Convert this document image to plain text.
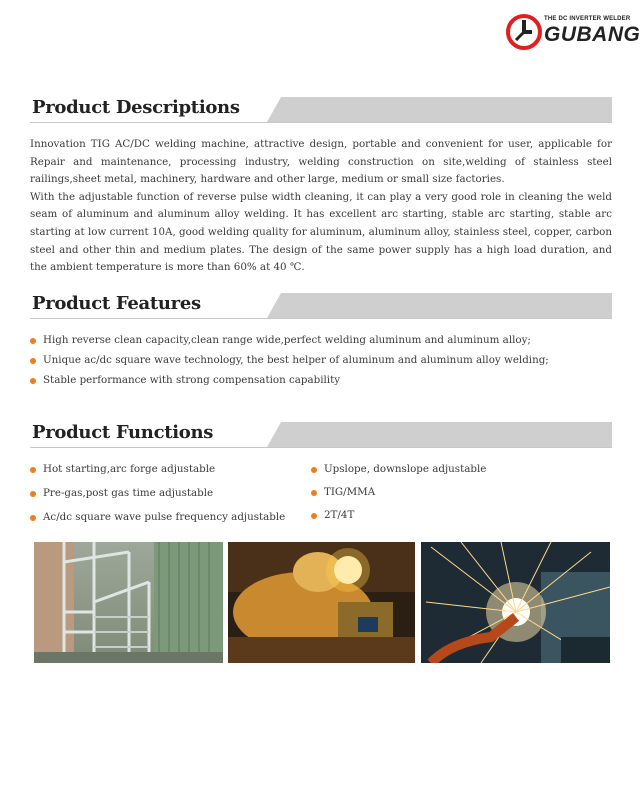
THE DC INVERTER WELDER
GUBANG
Product Descriptions

Innovation TIG AC/DC welding machine, attractive design, portable and convenient for user, applicable for Repair and maintenance, processing industry, welding construction on site,welding of stainless steel railings,sheet metal, machinery, hardware and other large, medium or small size factories.

With the adjustable function of reverse pulse width cleaning, it can play a very good role in cleaning the weld seam of aluminum and aluminum alloy welding. It has excellent arc starting, stable arc starting, stable arc starting at low current 10A, good welding quality for aluminum, aluminum alloy, stainless steel, copper, carbon steel and other thin and medium plates. The design of the same power supply has a high load duration, and the ambient temperature is more than 60% at 40 ℃.

Product Features
High reverse clean capacity,clean range wide,perfect welding aluminum and aluminum alloy;
Unique ac/dc square wave technology, the best helper of aluminum and aluminum alloy welding;
Stable performance with strong compensation capability
Product Functions
Hot starting,arc forge adjustable
Pre-gas,post gas time adjustable
Ac/dc square wave pulse frequency adjustable
Upslope, downslope adjustable
TIG/MMA
2T/4T
